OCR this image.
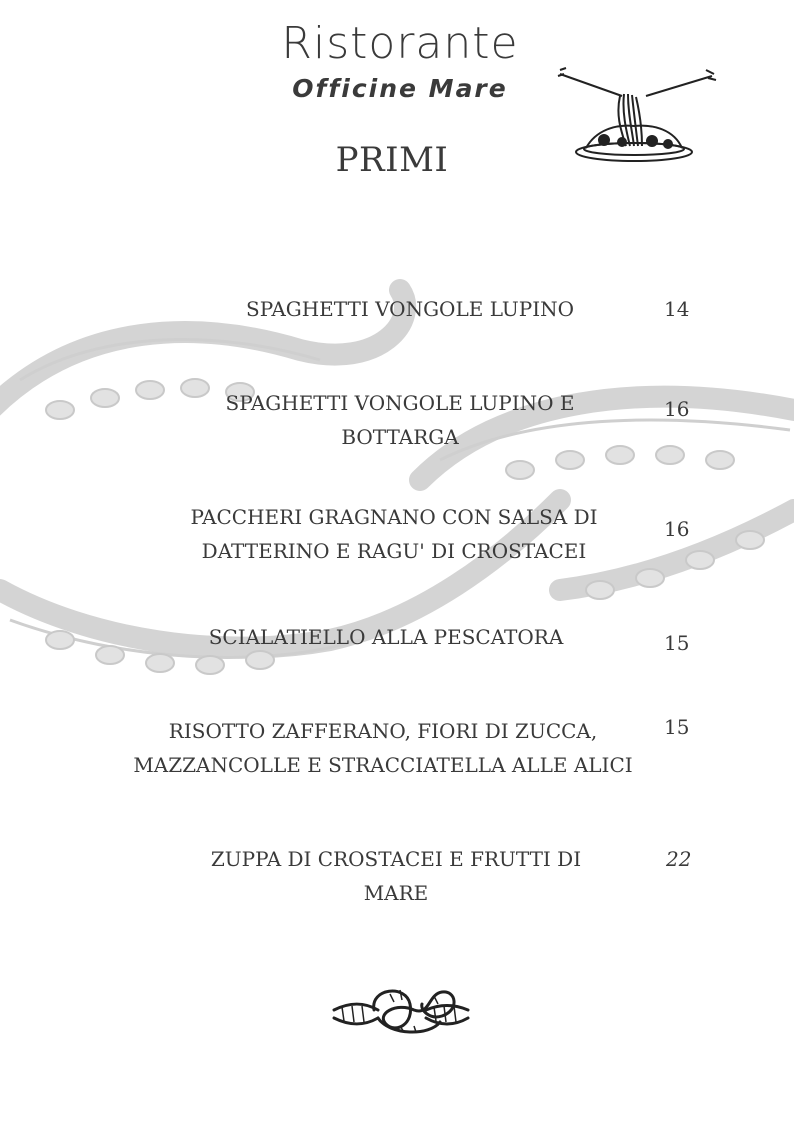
Ristorante
Officine Mare
PRIMI
SPAGHETTI VONGOLE LUPINO	14
SPAGHETTI VONGOLE LUPINO E
BOTTARGA
16
PACCHERI GRAGNANO CON SALSA DI
DATTERINO E RAGU' DI CROSTACEI
16
SCIALATIELLO ALLA PESCATORA	15
RISOTTO ZAFFERANO, FIORI DI ZUCCA,
MAZZANCOLLE E STRACCIATELLA ALLE ALICI
15
ZUPPA DI CROSTACEI E FRUTTI DI
MARE
22
